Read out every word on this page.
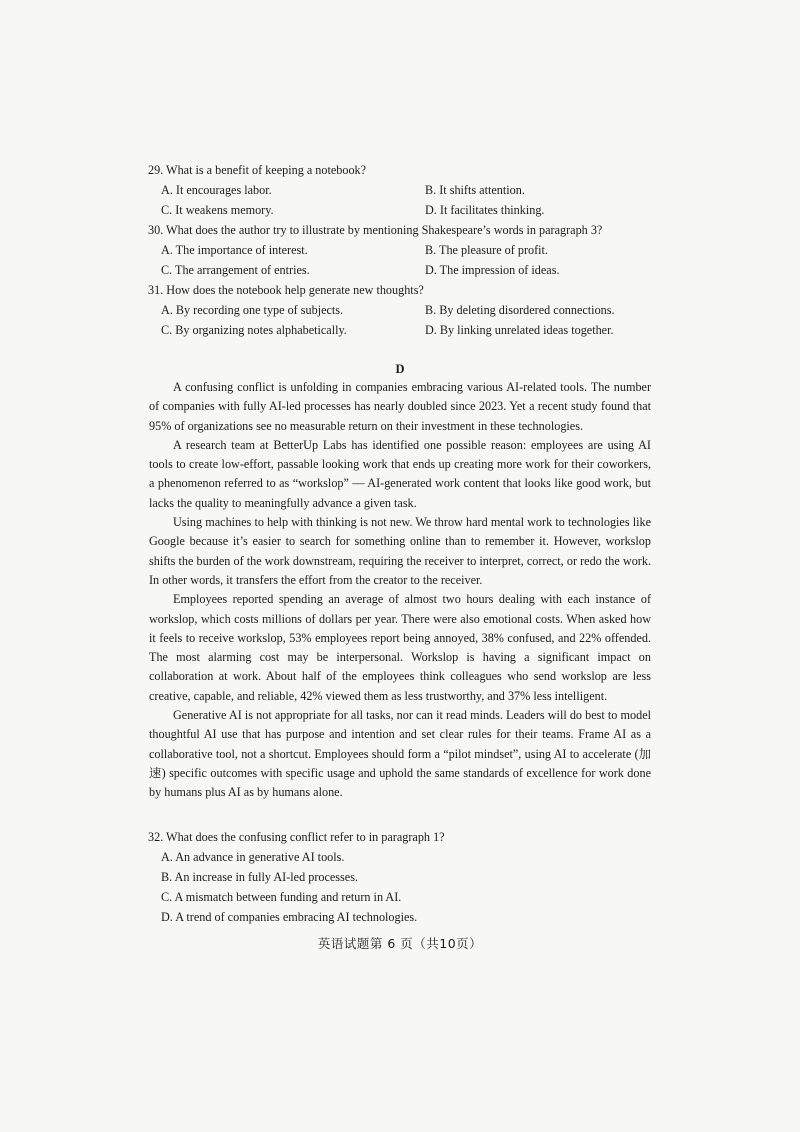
29. What is a benefit of keeping a notebook?
A. It encourages labor.	B. It shifts attention.
C. It weakens memory.	D. It facilitates thinking.
30. What does the author try to illustrate by mentioning Shakespeare’s words in paragraph 3?
A. The importance of interest.	B. The pleasure of profit.
C. The arrangement of entries.	D. The impression of ideas.
31. How does the notebook help generate new thoughts?
A. By recording one type of subjects.	B. By deleting disordered connections.
C. By organizing notes alphabetically.	D. By linking unrelated ideas together.
D

A confusing conflict is unfolding in companies embracing various AI-related tools. The number of companies with fully AI-led processes has nearly doubled since 2023. Yet a recent study found that 95% of organizations see no measurable return on their investment in these technologies.

A research team at BetterUp Labs has identified one possible reason: employees are using AI tools to create low-effort, passable looking work that ends up creating more work for their coworkers, a phenomenon referred to as “workslop” — AI-generated work content that looks like good work, but lacks the quality to meaningfully advance a given task.

Using machines to help with thinking is not new. We throw hard mental work to technologies like Google because it’s easier to search for something online than to remember it. However, workslop shifts the burden of the work downstream, requiring the receiver to interpret, correct, or redo the work. In other words, it transfers the effort from the creator to the receiver.

Employees reported spending an average of almost two hours dealing with each instance of workslop, which costs millions of dollars per year. There were also emotional costs. When asked how it feels to receive workslop, 53% employees report being annoyed, 38% confused, and 22% offended. The most alarming cost may be interpersonal. Workslop is having a significant impact on collaboration at work. About half of the employees think colleagues who send workslop are less creative, capable, and reliable, 42% viewed them as less trustworthy, and 37% less intelligent.

Generative AI is not appropriate for all tasks, nor can it read minds. Leaders will do best to model thoughtful AI use that has purpose and intention and set clear rules for their teams. Frame AI as a collaborative tool, not a shortcut. Employees should form a “pilot mindset”, using AI to accelerate (加速) specific outcomes with specific usage and uphold the same standards of excellence for work done by humans plus AI as by humans alone.

32. What does the confusing conflict refer to in paragraph 1?
A. An advance in generative AI tools.
B. An increase in fully AI-led processes.
C. A mismatch between funding and return in AI.
D. A trend of companies embracing AI technologies.
英语试题第 6 页（共10页）
